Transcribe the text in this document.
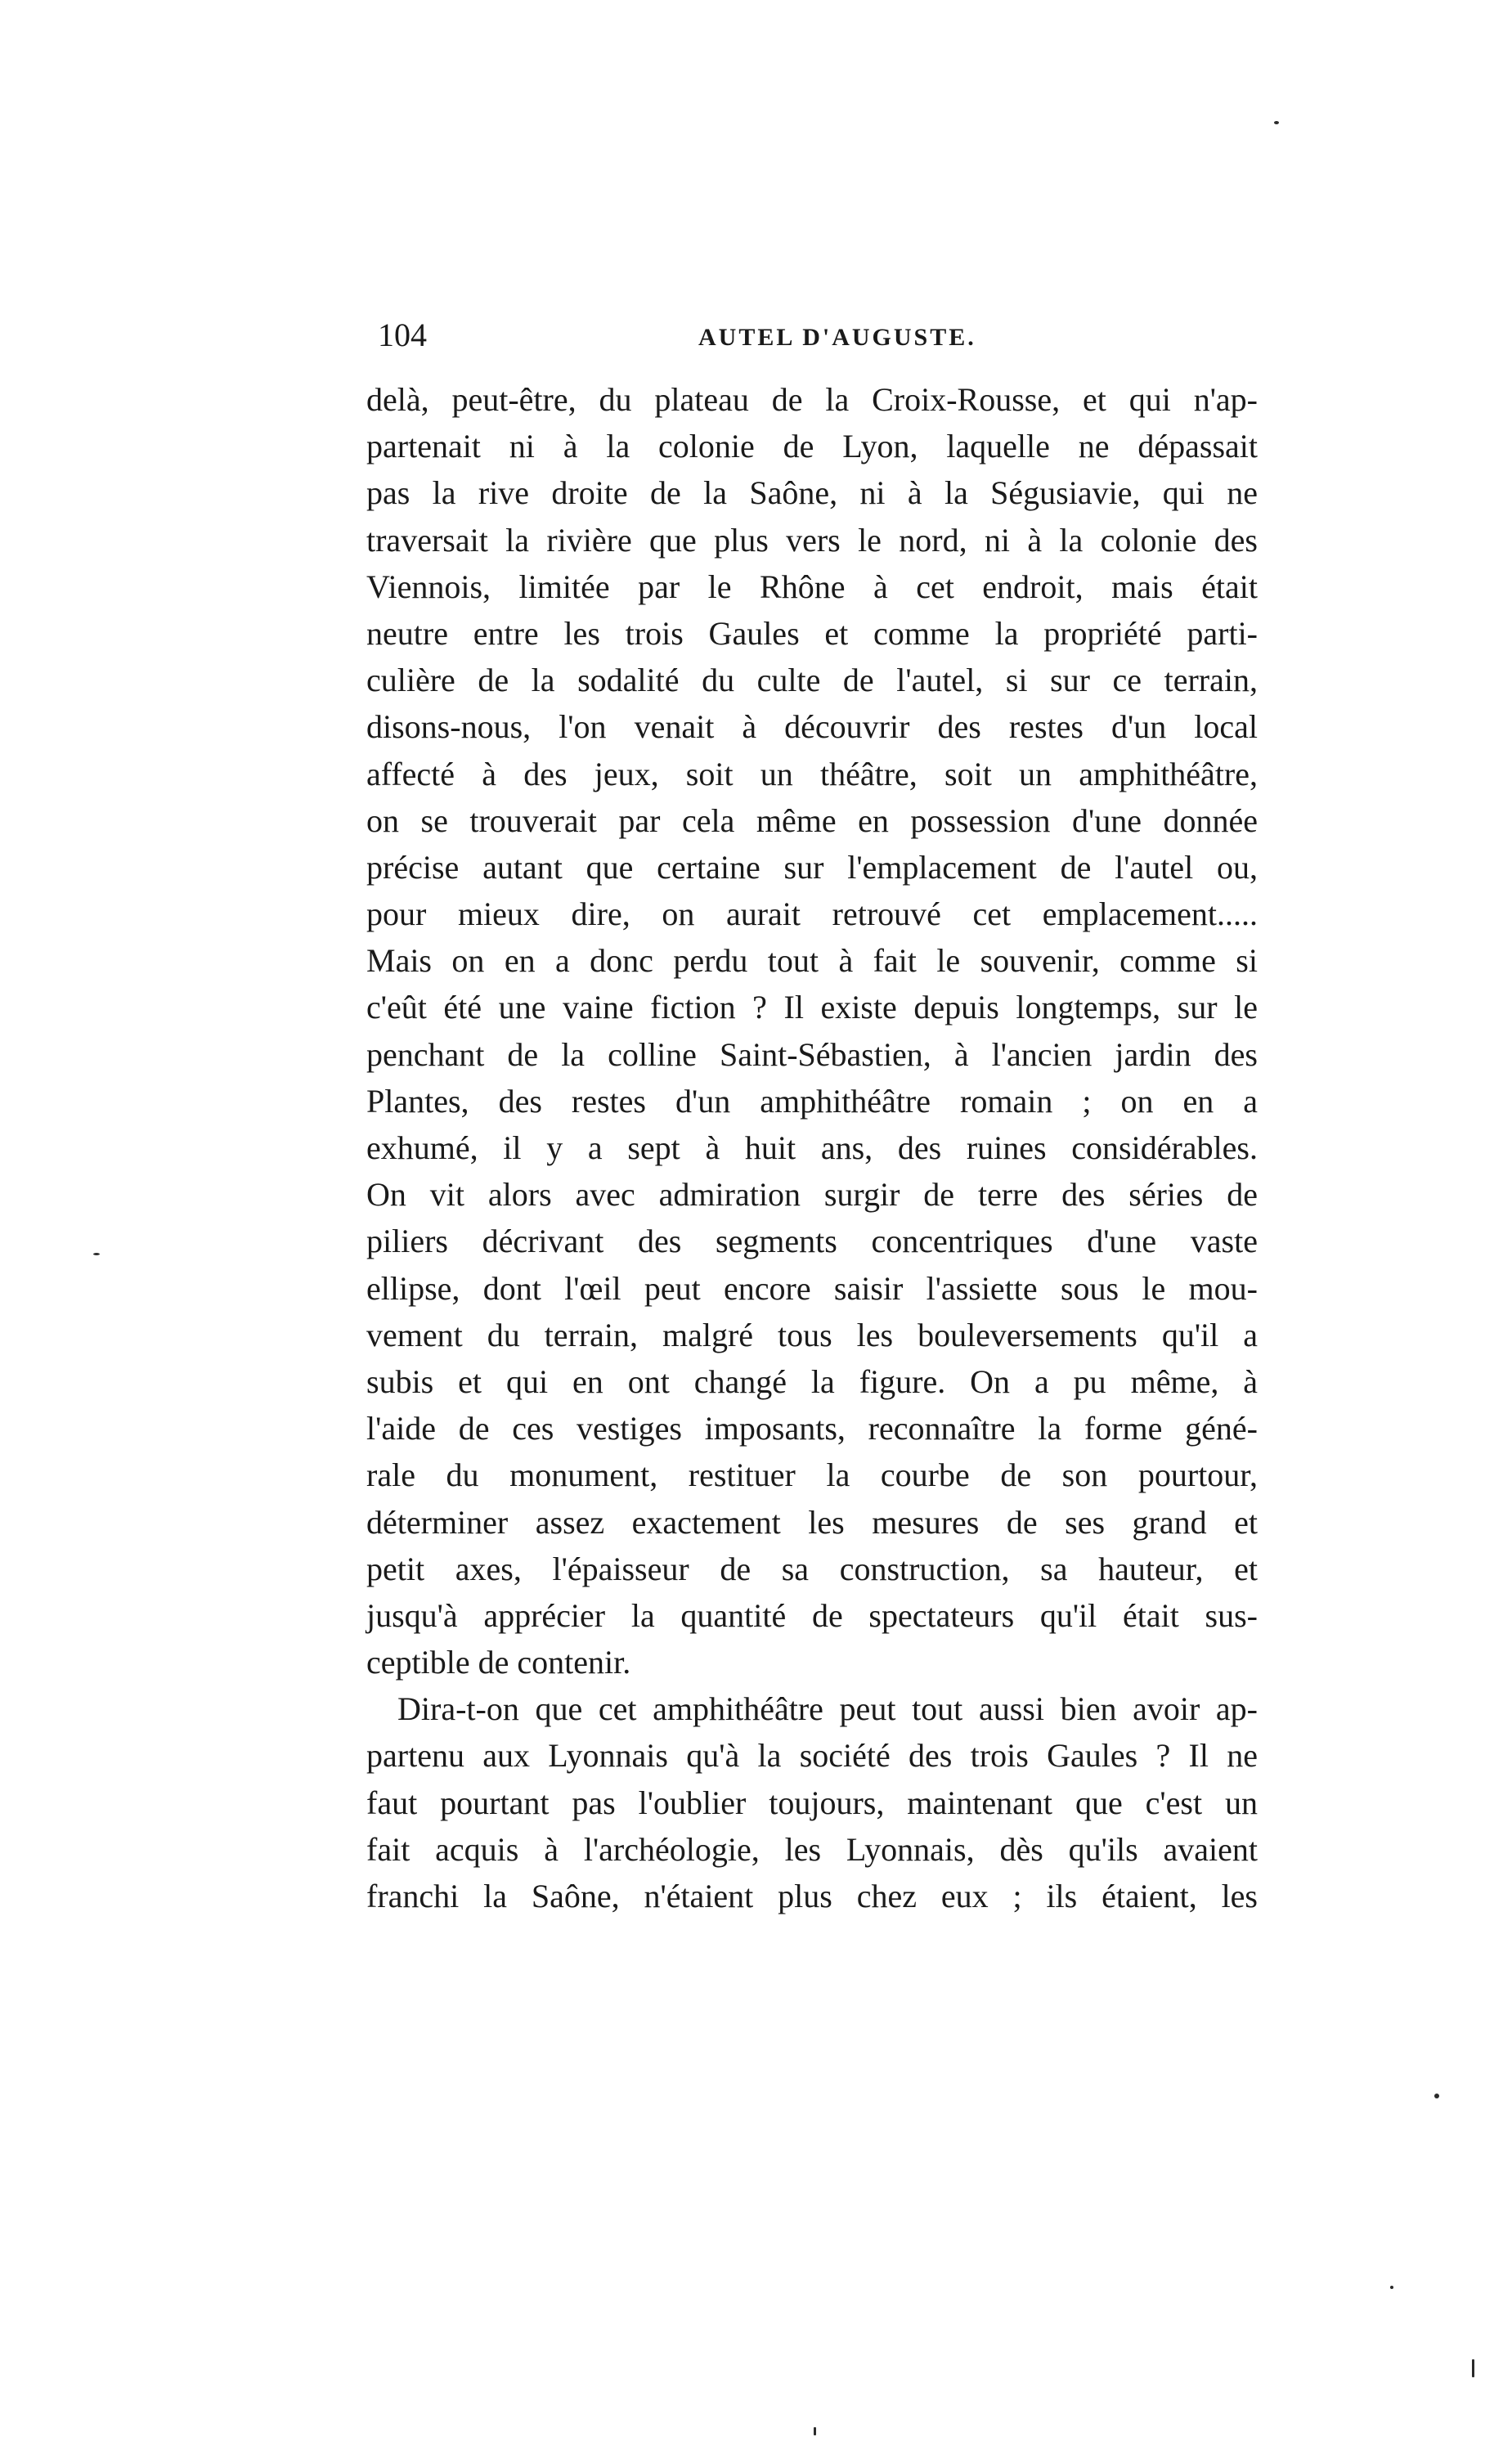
104	AUTEL D'AUGUSTE.
delà, peut-être, du plateau de la Croix-Rousse, et qui n'ap-
partenait ni à la colonie de Lyon, laquelle ne dépassait
pas la rive droite de la Saône, ni à la Ségusiavie, qui ne
traversait la rivière que plus vers le nord, ni à la colonie des
Viennois, limitée par le Rhône à cet endroit, mais était
neutre entre les trois Gaules et comme la propriété parti-
culière de la sodalité du culte de l'autel, si sur ce terrain,
disons-nous, l'on venait à découvrir des restes d'un local
affecté à des jeux, soit un théâtre, soit un amphithéâtre,
on se trouverait par cela même en possession d'une donnée
précise autant que certaine sur l'emplacement de l'autel ou,
pour mieux dire, on aurait retrouvé cet emplacement.....
Mais on en a donc perdu tout à fait le souvenir, comme si
c'eût été une vaine fiction ? Il existe depuis longtemps, sur le
penchant de la colline Saint-Sébastien, à l'ancien jardin des
Plantes, des restes d'un amphithéâtre romain ; on en a
exhumé, il y a sept à huit ans, des ruines considérables.
On vit alors avec admiration surgir de terre des séries de
piliers décrivant des segments concentriques d'une vaste
ellipse, dont l'œil peut encore saisir l'assiette sous le mou-
vement du terrain, malgré tous les bouleversements qu'il a
subis et qui en ont changé la figure. On a pu même, à
l'aide de ces vestiges imposants, reconnaître la forme géné-
rale du monument, restituer la courbe de son pourtour,
déterminer assez exactement les mesures de ses grand et
petit axes, l'épaisseur de sa construction, sa hauteur, et
jusqu'à apprécier la quantité de spectateurs qu'il était sus-
ceptible de contenir.
Dira-t-on que cet amphithéâtre peut tout aussi bien avoir ap-
partenu aux Lyonnais qu'à la société des trois Gaules ? Il ne
faut pourtant pas l'oublier toujours, maintenant que c'est un
fait acquis à l'archéologie, les Lyonnais, dès qu'ils avaient
franchi la Saône, n'étaient plus chez eux ; ils étaient, les
